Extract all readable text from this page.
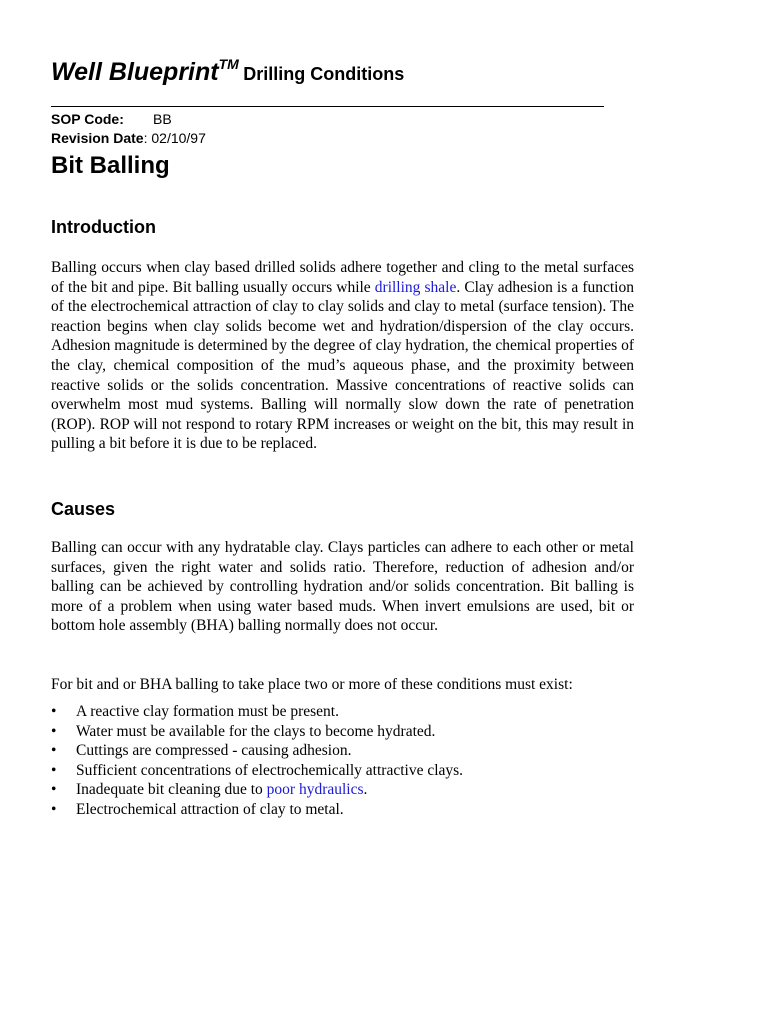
Well BlueprintTM Drilling Conditions
SOP Code: BB
Revision Date: 02/10/97
Bit Balling
Introduction

Balling occurs when clay based drilled solids adhere together and cling to the metal surfaces of the bit and pipe. Bit balling usually occurs while drilling shale. Clay adhesion is a function of the electrochemical attraction of clay to clay solids and clay to metal (surface tension). The reaction begins when clay solids become wet and hydration/dispersion of the clay occurs. Adhesion magnitude is determined by the degree of clay hydration, the chemical properties of the clay, chemical composition of the mud’s aqueous phase, and the proximity between reactive solids or the solids concentration. Massive concentrations of reactive solids can overwhelm most mud systems. Balling will normally slow down the rate of penetration (ROP). ROP will not respond to rotary RPM increases or weight on the bit, this may result in pulling a bit before it is due to be replaced.

Causes

Balling can occur with any hydratable clay. Clays particles can adhere to each other or metal surfaces, given the right water and solids ratio. Therefore, reduction of adhesion and/or balling can be achieved by controlling hydration and/or solids concentration. Bit balling is more of a problem when using water based muds. When invert emulsions are used, bit or bottom hole assembly (BHA) balling normally does not occur.

For bit and or BHA balling to take place two or more of these conditions must exist:

• A reactive clay formation must be present.
• Water must be available for the clays to become hydrated.
• Cuttings are compressed - causing adhesion.
• Sufficient concentrations of electrochemically attractive clays.
• Inadequate bit cleaning due to poor hydraulics.
• Electrochemical attraction of clay to metal.
